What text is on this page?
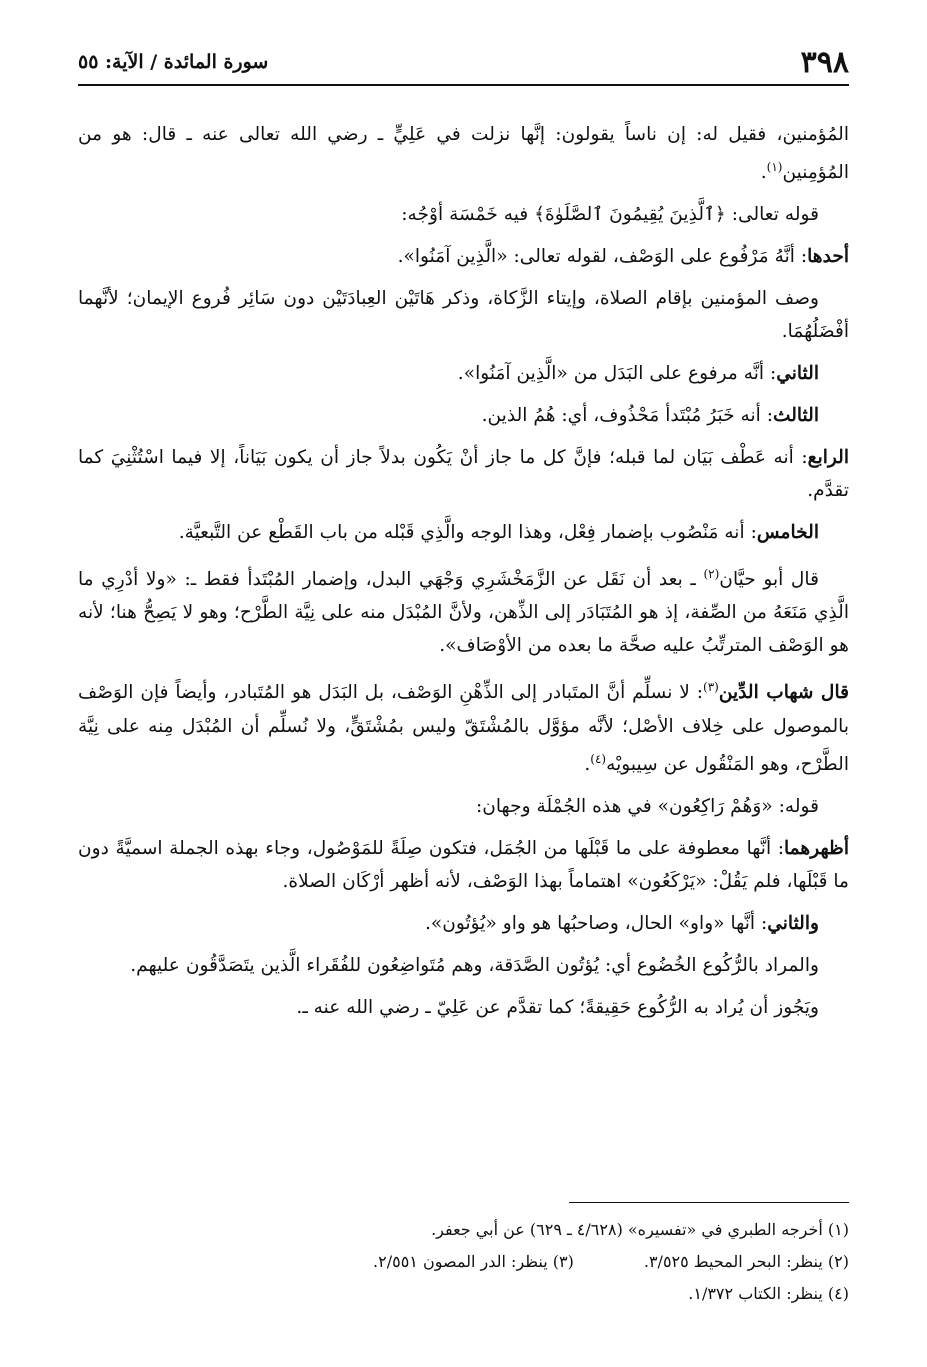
٣٩٨
سورة المائدة / الآية: ٥٥

المُؤمنين، فقيل له: إن ناساً يقولون: إنَّها نزلت في عَلِيٍّ ـ رضي الله تعالى عنه ـ قال: هو من المُؤمِنين$^{(١)}$.

قوله تعالى: ﴿ٱلَّذِينَ يُقِيمُونَ ٱلصَّلَوٰةَ﴾ فيه خَمْسَة أوْجُه:

أحدها: أنَّهُ مَرْفُوع على الوَصْف، لقوله تعالى: «الَّذِين آمَنُوا».

وصف المؤمنين بإقام الصلاة، وإيتاء الزَّكاة، وذكر هَاتَيْن العِبادَتَيْن دون سَائِر فُروع الإيمان؛ لأنَّهما أفْضَلُهُمَا.

الثاني: أنَّه مرفوع على البَدَل من «الَّذِين آمَنُوا».

الثالث: أنه خَبَرُ مُبْتَدأ مَحْذُوف، أي: هُمُ الذين.

الرابع: أنه عَطْف بَيَان لما قبله؛ فإنَّ كل ما جاز أنْ يَكُون بدلاً جاز أن يكون بَيَاناً، إلا فيما اسْتُثْنِيَ كما تقدَّم.

الخامس: أنه مَنْصُوب بإضمار فِعْل، وهذا الوجه والَّذِي قَبْله من باب القَطْع عن التَّبعيَّة.

قال أبو حيَّان$^{(٢)}$ ـ بعد أن نَقَل عن الزَّمَخْشَرِي وَجْهَي البدل، وإضمار المُبْتَدأ فقط ـ: «ولا أدْرِي ما الَّذِي مَنَعَهُ من الصِّفة، إذ هو المُتَبَادَر إلى الذِّهن، ولأنَّ المُبْدَل منه على نِيَّة الطَّرْح؛ وهو لا يَصِحُّ هنا؛ لأنه هو الوَصْف المترتِّبُ عليه صحَّة ما بعده من الأوْصَاف».

قال شهاب الدِّين$^{(٣)}$: لا نسلِّم أنَّ المتَبادر إلى الذِّهْنِ الوَصْف، بل البَدَل هو المُتَبادر، وأيضاً فإن الوَصْف بالموصول على خِلاف الأصْل؛ لأنَّه مؤوَّل بالمُشْتَقّ وليس بمُشْتَقٍّ، ولا نُسلِّم أن المُبْدَل مِنه على نِيَّة الطَّرْح، وهو المَنْقُول عن سِيبويْه$^{(٤)}$.

قوله: «وَهُمْ رَاكِعُون» في هذه الجُمْلَة وجهان:

أظهرهما: أنَّها معطوفة على ما قَبْلَها من الجُمَل، فتكون صِلَةً للمَوْصُول، وجاء بهذه الجملة اسميَّةً دون ما قَبْلَها، فلم يَقُلْ: «يَرْكَعُون» اهتماماً بهذا الوَصْف، لأنه أظهر أرْكَان الصلاة.

والثاني: أنَّها «واو» الحال، وصاحبُها هو واو «يُؤتُون».

والمراد بالرُّكُوع الخُضُوع أي: يُؤتُون الصَّدَقة، وهم مُتَواضِعُون للفُقَراء الَّذين يتَصَدَّقُون عليهم.

ويَجُوز أن يُراد به الرُّكُوع حَقِيقةً؛ كما تقدَّم عن عَلِيّ ـ رضي الله عنه ـ.

(١) أخرجه الطبري في «تفسيره» (٤/٦٢٨ ـ ٦٢٩) عن أبي جعفر.
(٢) ينظر: البحر المحيط ٣/٥٢٥.
(٣) ينظر: الدر المصون ٢/٥٥١.
(٤) ينظر: الكتاب ١/٣٧٢.
